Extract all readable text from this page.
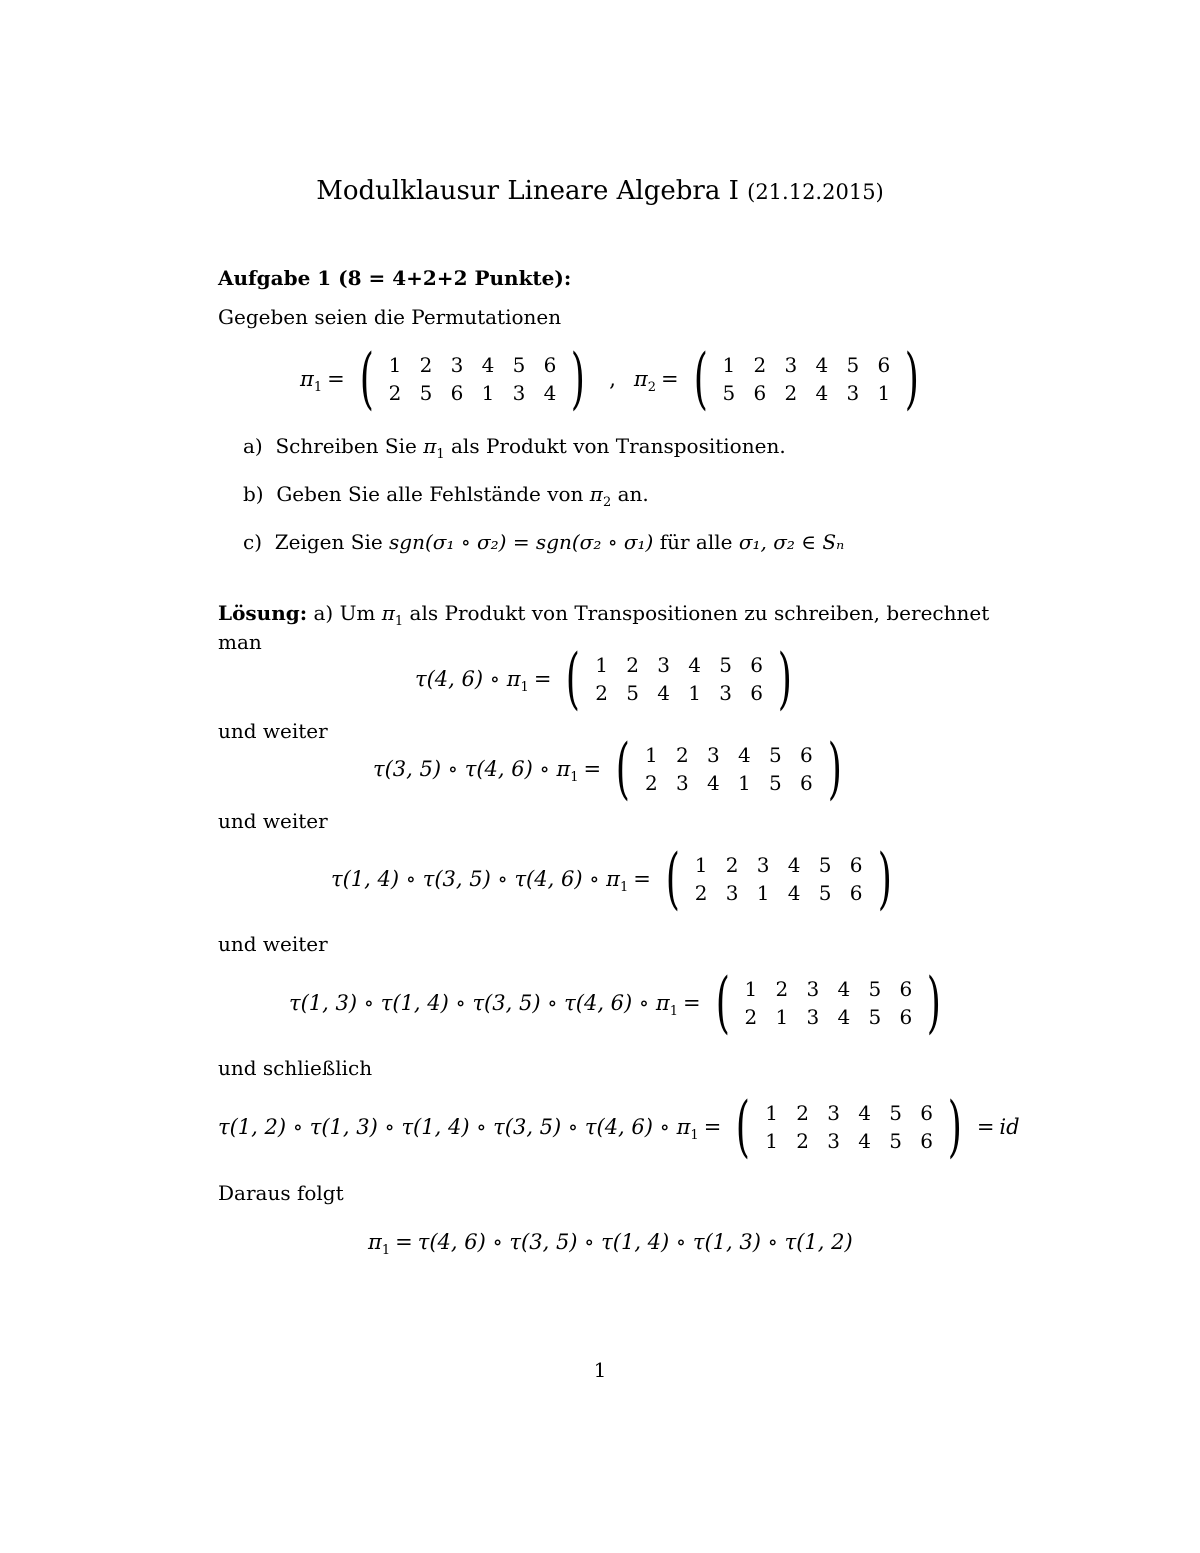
Modulklausur Lineare Algebra I (21.12.2015)
Aufgabe 1 (8 = 4+2+2 Punkte):
Gegeben seien die Permutationen
$\pi_1$ = ( 1 2 3 4 5 6
2 5 6 1 3 4 ) , $\pi_2$ = ( 1 2 3 4 5 6
5 6 2 4 3 1 )
a) Schreiben Sie $\pi_1$ als Produkt von Transpositionen.
b) Geben Sie alle Fehlstände von $\pi_2$ an.
c) Zeigen Sie sgn(σ₁ ∘ σ₂) = sgn(σ₂ ∘ σ₁) für alle σ₁, σ₂ ∈ Sₙ
Lösung: a) Um $\pi_1$ als Produkt von Transpositionen zu schreiben, berechnet
man
τ(4, 6) ∘ $\pi_1$ = ( 1 2 3 4 5 6
2 5 4 1 3 6 )
und weiter
τ(3, 5) ∘ τ(4, 6) ∘ $\pi_1$ = ( 1 2 3 4 5 6
2 3 4 1 5 6 )
und weiter
τ(1, 4) ∘ τ(3, 5) ∘ τ(4, 6) ∘ $\pi_1$ = ( 1 2 3 4 5 6
2 3 1 4 5 6 )
und weiter
τ(1, 3) ∘ τ(1, 4) ∘ τ(3, 5) ∘ τ(4, 6) ∘ $\pi_1$ = ( 1 2 3 4 5 6
2 1 3 4 5 6 )
und schließlich
τ(1, 2) ∘ τ(1, 3) ∘ τ(1, 4) ∘ τ(3, 5) ∘ τ(4, 6) ∘ $\pi_1$ = ( 1 2 3 4 5 6
1 2 3 4 5 6 ) = id
Daraus folgt
$\pi_1 = \tau(4$, 6) ∘ τ(3, 5) ∘ τ(1, 4) ∘ τ(1, 3) ∘ τ(1, 2)
1
